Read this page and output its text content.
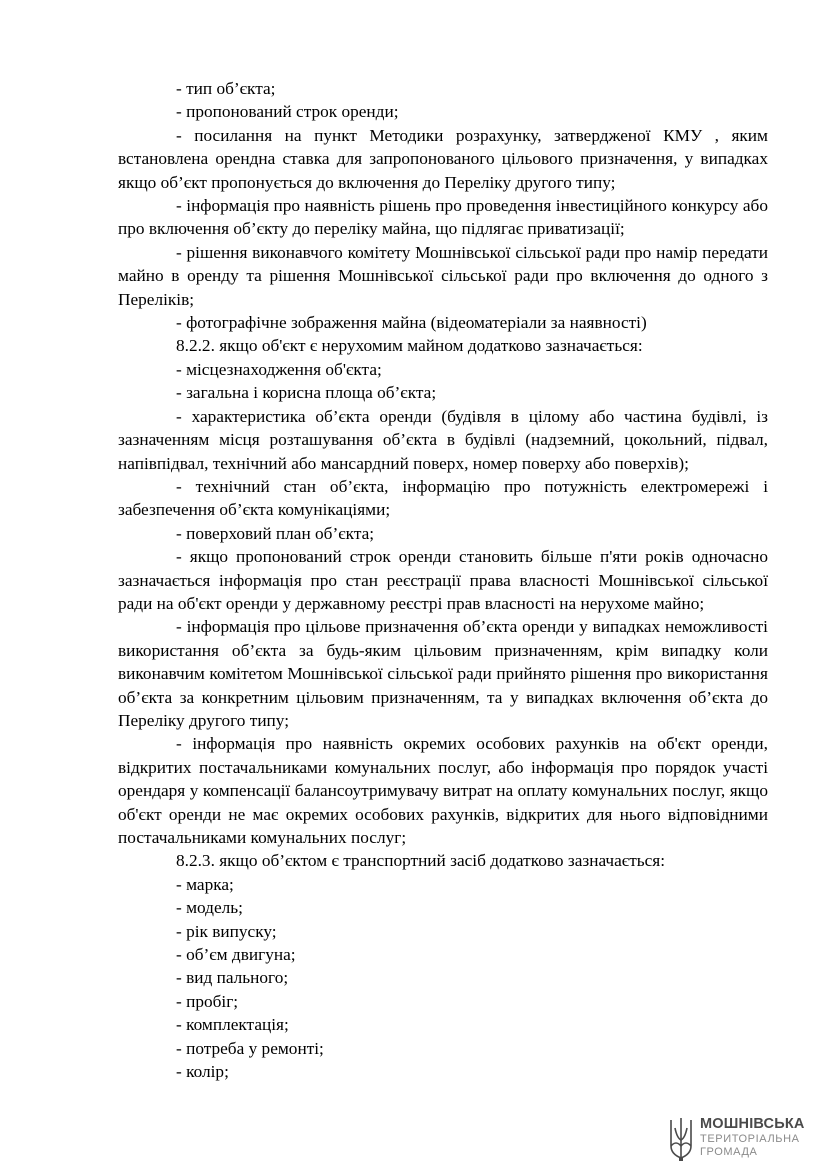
- тип об’єкта;

- пропонований строк оренди;

- посилання на пункт Методики розрахунку, затвердженої КМУ , яким встановлена орендна ставка для запропонованого цільового призначення, у випадках якщо об’єкт пропонується до включення до Переліку другого типу;

- інформація про наявність рішень про проведення інвестиційного конкурсу або про включення об’єкту до переліку майна, що підлягає приватизації;

- рішення виконавчого комітету Мошнівської сільської ради про намір передати майно в оренду та рішення Мошнівської сільської ради про включення до одного з Переліків;

- фотографічне зображення майна (відеоматеріали за наявності)

8.2.2. якщо об'єкт є нерухомим майном додатково зазначається:

- місцезнаходження об'єкта;

- загальна і корисна площа об’єкта;

- характеристика об’єкта оренди (будівля в цілому або частина будівлі, із зазначенням місця розташування об’єкта в будівлі (надземний, цокольний, підвал, напівпідвал, технічний або мансардний поверх, номер поверху або поверхів);

- технічний стан об’єкта, інформацію про потужність електромережі і забезпечення об’єкта комунікаціями;

- поверховий план об’єкта;

- якщо пропонований строк оренди становить більше п'яти років одночасно зазначається інформація про стан реєстрації права власності Мошнівської сільської ради на об'єкт оренди у державному реєстрі прав власності на нерухоме майно;

- інформація про цільове призначення об’єкта оренди у випадках неможливості використання об’єкта за будь-яким цільовим призначенням, крім випадку коли виконавчим комітетом Мошнівської сільської ради прийнято рішення про використання об’єкта за конкретним цільовим призначенням, та у випадках включення об’єкта до Переліку другого типу;

- інформація про наявність окремих особових рахунків на об'єкт оренди, відкритих постачальниками комунальних послуг, або інформація про порядок участі орендаря у компенсації балансоутримувачу витрат на оплату комунальних послуг, якщо об'єкт оренди не має окремих особових рахунків, відкритих для нього відповідними постачальниками комунальних послуг;

8.2.3. якщо об’єктом є транспортний засіб додатково зазначається:

- марка;

- модель;

- рік випуску;

- об’єм двигуна;

- вид пального;

- пробіг;

- комплектація;

- потреба у ремонті;

- колір;

МОШНІВСЬКА
ТЕРИТОРІАЛЬНА
ГРОМАДА
